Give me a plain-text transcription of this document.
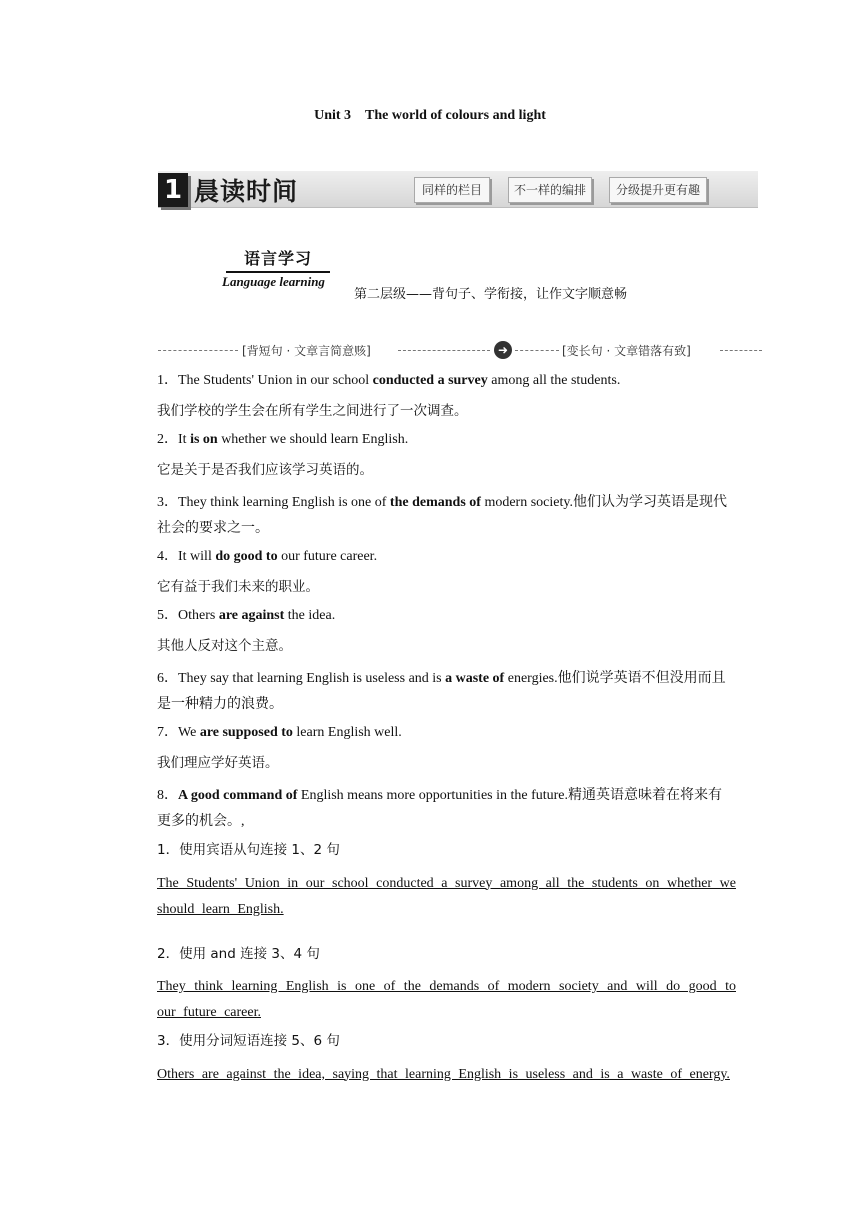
Unit 3　The world of colours and light
1 晨读时间	同样的栏目	不一样的编排	分级提升更有趣
语言学习
Language learning
第二层级——背句子、学衔接，让作文字顺意畅
[背短句 · 文章言简意赅]	➜	[变长句 · 文章错落有致]
1．The Students' Union in our school conducted a survey among all the students.
我们学校的学生会在所有学生之间进行了一次调查。
2．It is on whether we should learn English.
它是关于是否我们应该学习英语的。
3．They think learning English is one of the demands of modern society.他们认为学习英语是现代社会的要求之一。
4．It will do good to our future career.
它有益于我们未来的职业。
5．Others are against the idea.
其他人反对这个主意。
6．They say that learning English is useless and is a waste of energies.他们说学英语不但没用而且是一种精力的浪费。
7．We are supposed to learn English well.
我们理应学好英语。
8．A good command of English means more opportunities in the future.精通英语意味着在将来有更多的机会。,
1．使用宾语从句连接 1、2 句
The Students' Union in our school conducted a survey among all the students on whether we should learn English.
2．使用 and 连接 3、4 句
They think learning English is one of the demands of modern society and will do good to our future career.
3．使用分词短语连接 5、6 句
Others are against the idea, saying that learning English is useless and is a waste of energy.
